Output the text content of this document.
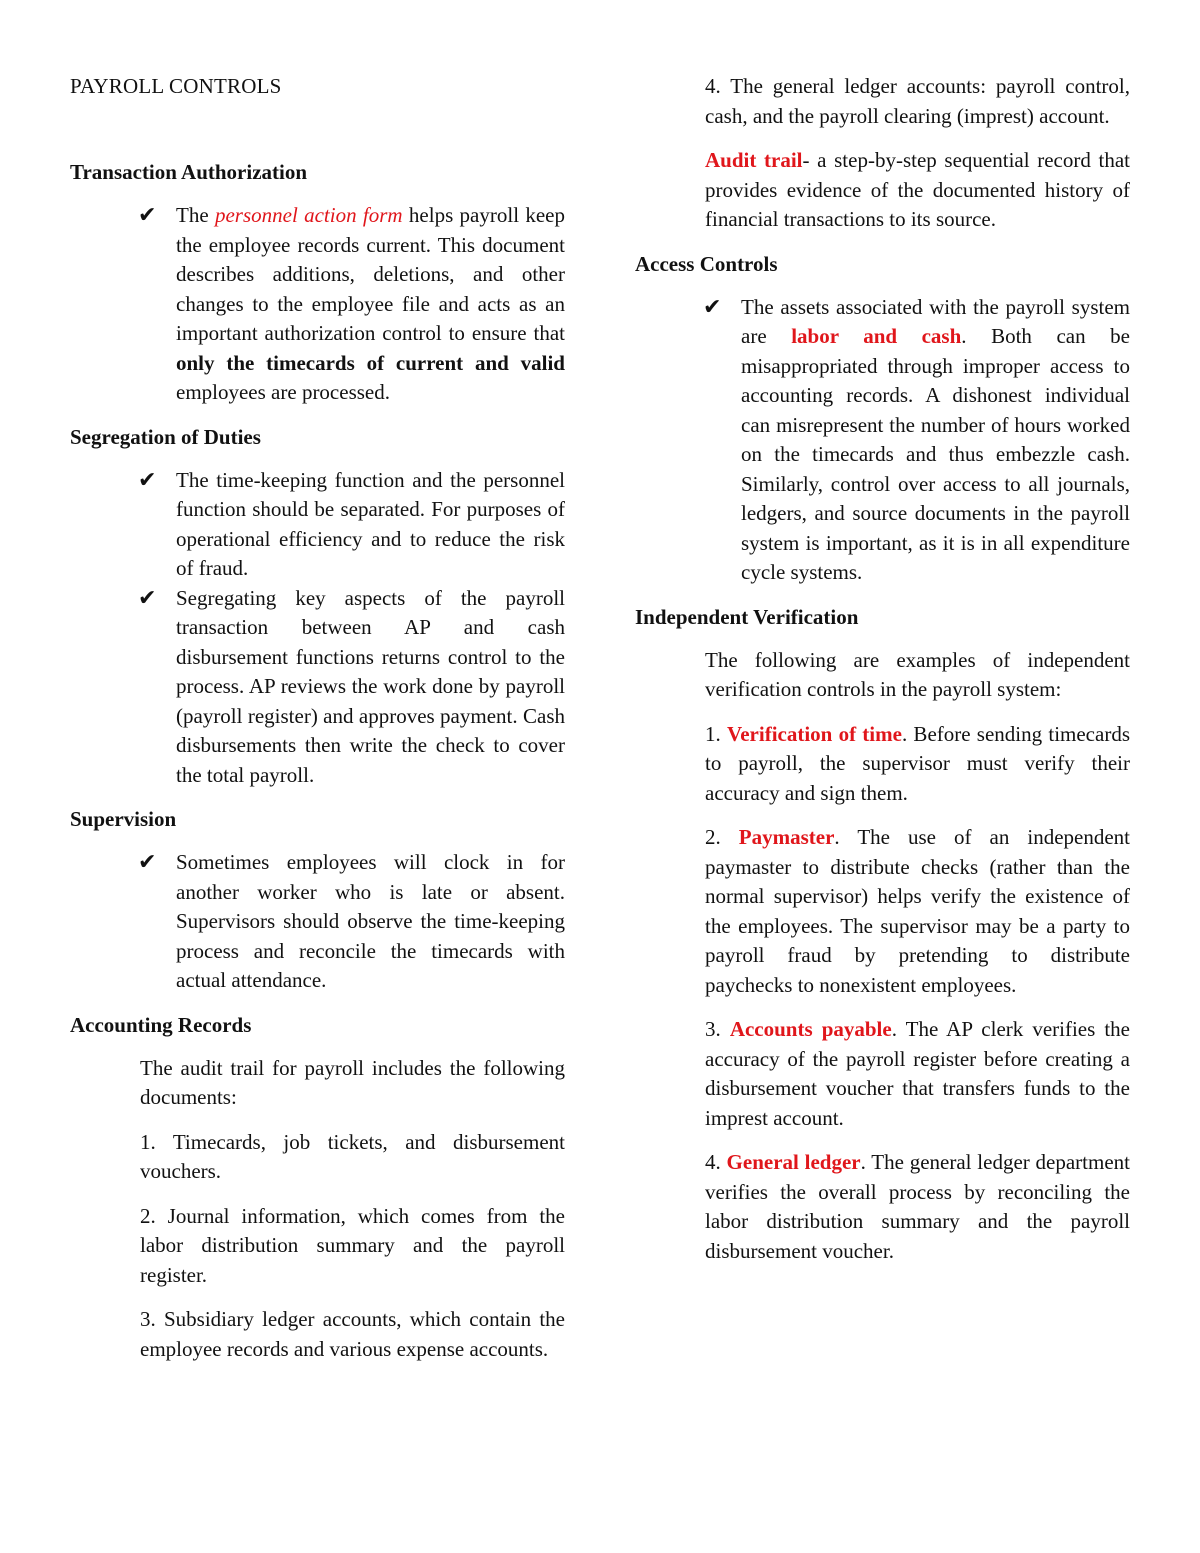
PAYROLL CONTROLS

Transaction Authorization

✔ The personnel action form helps payroll keep the employee records current. This document describes additions, deletions, and other changes to the employee file and acts as an important authorization control to ensure that only the timecards of current and valid employees are processed.

Segregation of Duties

✔ The time-keeping function and the personnel function should be separated. For purposes of operational efficiency and to reduce the risk of fraud.

✔ Segregating key aspects of the payroll transaction between AP and cash disbursement functions returns control to the process. AP reviews the work done by payroll (payroll register) and approves payment. Cash disbursements then write the check to cover the total payroll.

Supervision

✔ Sometimes employees will clock in for another worker who is late or absent. Supervisors should observe the time-keeping process and reconcile the timecards with actual attendance.

Accounting Records

The audit trail for payroll includes the following documents:

1. Timecards, job tickets, and disbursement vouchers.

2. Journal information, which comes from the labor distribution summary and the payroll register.

3. Subsidiary ledger accounts, which contain the employee records and various expense accounts.

4. The general ledger accounts: payroll control, cash, and the payroll clearing (imprest) account.

Audit trail- a step-by-step sequential record that provides evidence of the documented history of financial transactions to its source.

Access Controls

✔ The assets associated with the payroll system are labor and cash. Both can be misappropriated through improper access to accounting records. A dishonest individual can misrepresent the number of hours worked on the timecards and thus embezzle cash. Similarly, control over access to all journals, ledgers, and source documents in the payroll system is important, as it is in all expenditure cycle systems.

Independent Verification

The following are examples of independent verification controls in the payroll system:

1. Verification of time. Before sending timecards to payroll, the supervisor must verify their accuracy and sign them.

2. Paymaster. The use of an independent paymaster to distribute checks (rather than the normal supervisor) helps verify the existence of the employees. The supervisor may be a party to payroll fraud by pretending to distribute paychecks to nonexistent employees.

3. Accounts payable. The AP clerk verifies the accuracy of the payroll register before creating a disbursement voucher that transfers funds to the imprest account.

4. General ledger. The general ledger department verifies the overall process by reconciling the labor distribution summary and the payroll disbursement voucher.
